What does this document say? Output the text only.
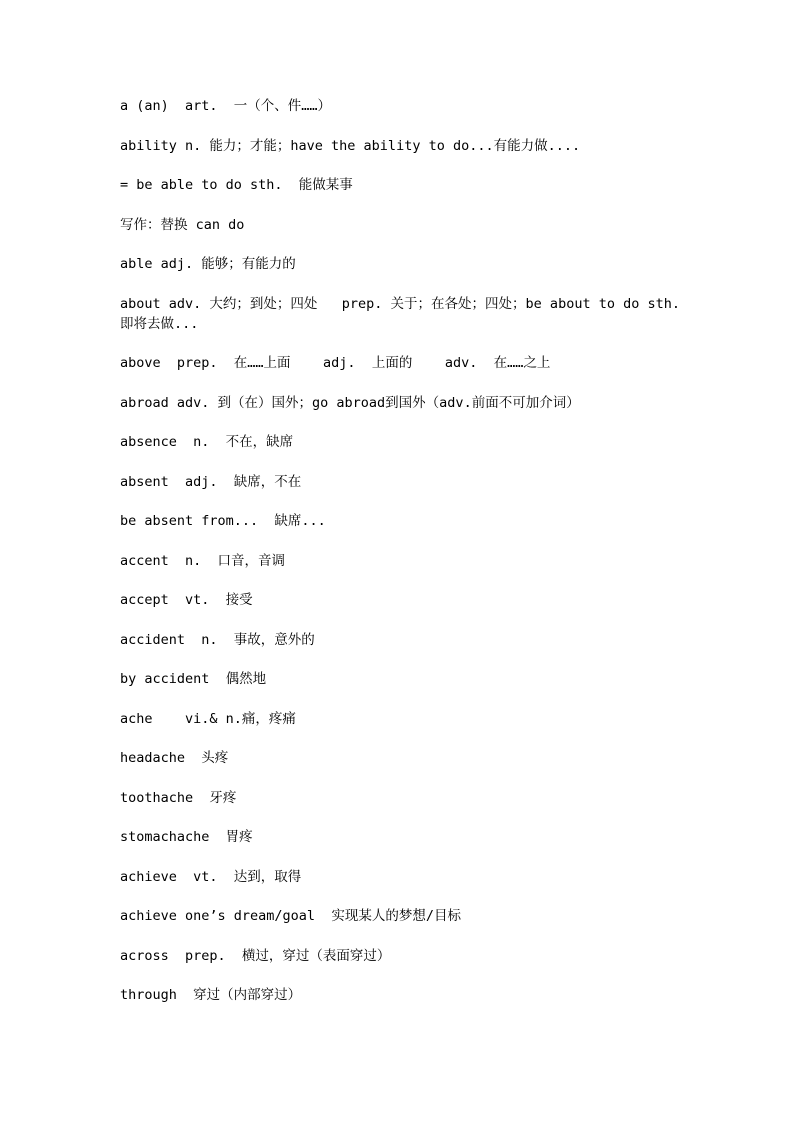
a (an)  art.  一（个、件……）
ability n. 能力；才能；have the ability to do...有能力做....
= be able to do sth.  能做某事
写作：替换 can do
able adj. 能够；有能力的
about adv. 大约；到处；四处   prep. 关于；在各处；四处；be about to do sth.   即将去做...
above  prep.  在……上面    adj.  上面的    adv.  在……之上
abroad adv. 到（在）国外；go abroad到国外（adv.前面不可加介词）
absence  n.  不在，缺席
absent  adj.  缺席，不在
be absent from...  缺席...
accent  n.  口音，音调
accept  vt.  接受
accident  n.  事故，意外的
by accident  偶然地
ache    vi.& n.痛，疼痛
headache  头疼
toothache  牙疼
stomachache  胃疼
achieve  vt.  达到，取得
achieve one’s dream/goal  实现某人的梦想/目标
across  prep.  横过，穿过（表面穿过）
through  穿过（内部穿过）
